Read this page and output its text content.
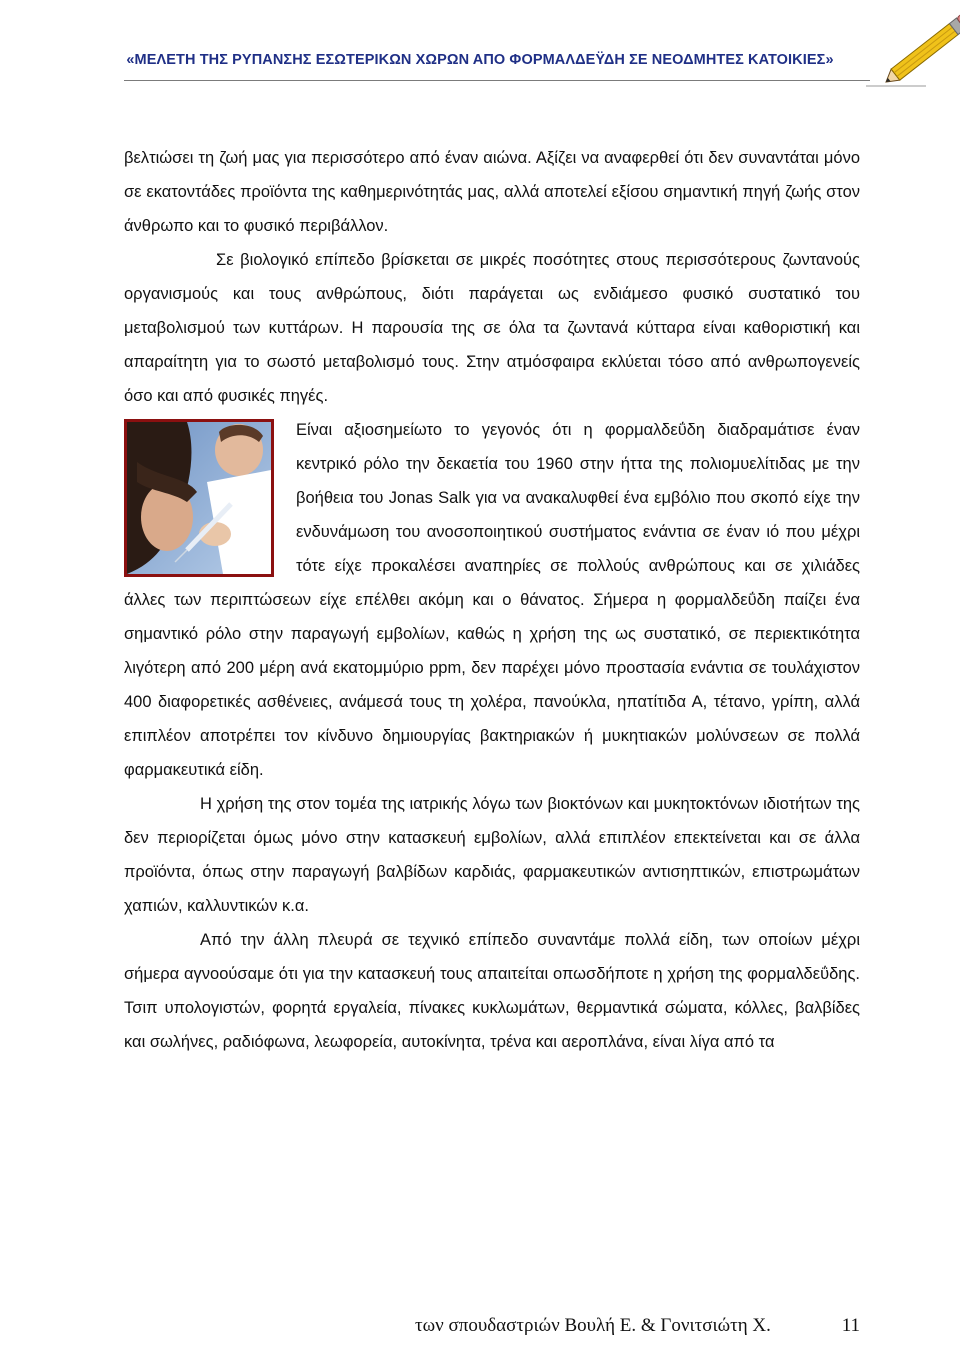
«ΜΕΛΕΤΗ ΤΗΣ ΡΥΠΑΝΣΗΣ ΕΣΩΤΕΡΙΚΩΝ ΧΩΡΩΝ ΑΠΟ ΦΟΡΜΑΛΔΕΫΔΗ ΣΕ ΝΕΟΔΜΗΤΕΣ ΚΑΤΟΙΚΙΕΣ»

βελτιώσει τη ζωή μας για περισσότερο από έναν αιώνα. Αξίζει να αναφερθεί ότι δεν συναντάται μόνο σε εκατοντάδες προϊόντα της καθημερινότητάς μας, αλλά αποτελεί εξίσου σημαντική πηγή ζωής στον άνθρωπο και το φυσικό περιβάλλον.

Σε βιολογικό επίπεδο βρίσκεται σε μικρές ποσότητες στους περισσότερους ζωντανούς οργανισμούς και τους ανθρώπους, διότι παράγεται ως ενδιάμεσο φυσικό συστατικό του μεταβολισμού των κυττάρων. Η παρουσία της σε όλα τα ζωντανά κύτταρα είναι καθοριστική και απαραίτητη για το σωστό μεταβολισμό τους. Στην ατμόσφαιρα εκλύεται τόσο από ανθρωπογενείς όσο και από φυσικές πηγές.

Είναι αξιοσημείωτο το γεγονός ότι η φορμαλδεΰδη διαδραμάτισε έναν κεντρικό ρόλο την δεκαετία του 1960 στην ήττα της πολιομυελίτιδας με την βοήθεια του Jonas Salk για να ανακαλυφθεί ένα εμβόλιο που σκοπό είχε την ενδυνάμωση του ανοσοποιητικού συστήματος ενάντια σε έναν ιό που μέχρι τότε είχε προκαλέσει αναπηρίες σε πολλούς ανθρώπους και σε χιλιάδες άλλες των περιπτώσεων είχε επέλθει ακόμη και ο θάνατος. Σήμερα η φορμαλδεΰδη παίζει ένα σημαντικό ρόλο στην παραγωγή εμβολίων, καθώς η χρήση της ως συστατικό, σε περιεκτικότητα λιγότερη από 200 μέρη ανά εκατομμύριο ppm, δεν παρέχει μόνο προστασία ενάντια σε τουλάχιστον 400 διαφορετικές ασθένειες, ανάμεσά τους τη χολέρα, πανούκλα, ηπατίτιδα Α, τέτανο, γρίπη, αλλά επιπλέον αποτρέπει τον κίνδυνο δημιουργίας βακτηριακών ή μυκητιακών μολύνσεων σε πολλά φαρμακευτικά είδη.

Η χρήση της στον τομέα της ιατρικής λόγω των βιοκτόνων και μυκητοκτόνων ιδιοτήτων της δεν περιορίζεται όμως μόνο στην κατασκευή εμβολίων, αλλά επιπλέον επεκτείνεται και σε άλλα προϊόντα, όπως στην παραγωγή βαλβίδων καρδιάς, φαρμακευτικών αντισηπτικών, επιστρωμάτων χαπιών, καλλυντικών κ.α.

Από την άλλη πλευρά σε τεχνικό επίπεδο συναντάμε πολλά είδη, των οποίων μέχρι σήμερα αγνοούσαμε ότι για την κατασκευή τους απαιτείται οπωσδήποτε η χρήση της φορμαλδεΰδης. Τσιπ υπολογιστών, φορητά εργαλεία, πίνακες κυκλωμάτων, θερμαντικά σώματα, κόλλες, βαλβίδες και σωλήνες, ραδιόφωνα, λεωφορεία, αυτοκίνητα, τρένα και αεροπλάνα, είναι λίγα από τα

των σπουδαστριών Βουλή Ε. & Γονιτσιώτη Χ.	11
